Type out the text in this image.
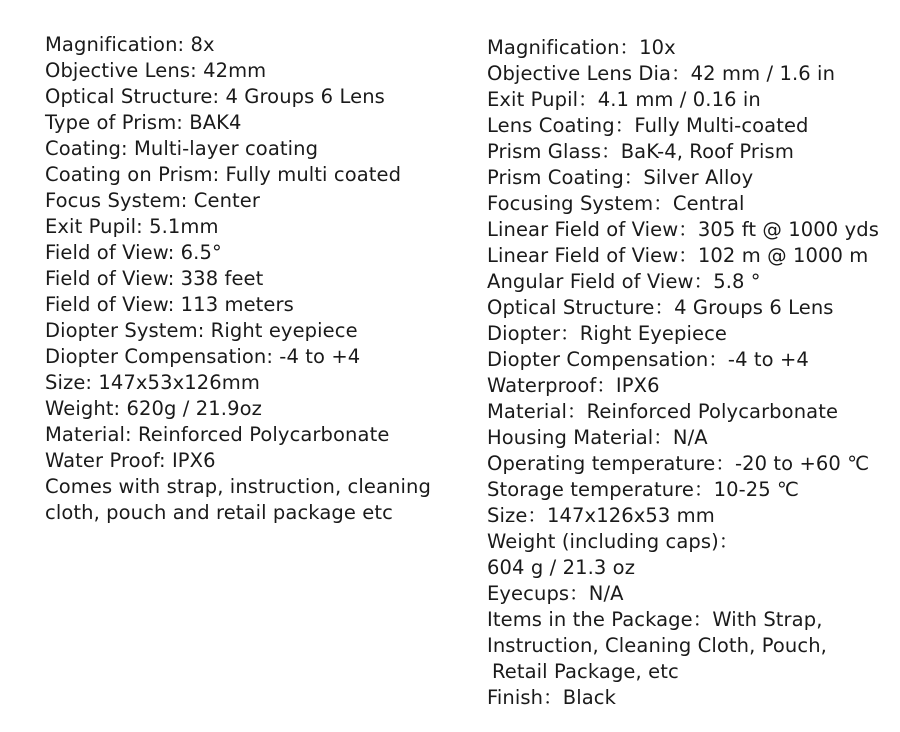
Magnification: 8x
Objective Lens: 42mm
Optical Structure: 4 Groups 6 Lens
Type of Prism: BAK4
Coating: Multi-layer coating
Coating on Prism: Fully multi coated
Focus System: Center
Exit Pupil: 5.1mm
Field of View: 6.5°
Field of View: 338 feet
Field of View: 113 meters
Diopter System: Right eyepiece
Diopter Compensation: -4 to +4
Size: 147x53x126mm
Weight: 620g / 21.9oz
Material: Reinforced Polycarbonate
Water Proof: IPX6
Comes with strap, instruction, cleaning
cloth, pouch and retail package etc
Magnification：10x
Objective Lens Dia：42 mm / 1.6 in
Exit Pupil：4.1 mm / 0.16 in
Lens Coating：Fully Multi-coated
Prism Glass：BaK-4, Roof Prism
Prism Coating：Silver Alloy
Focusing System：Central
Linear Field of View：305 ft @ 1000 yds
Linear Field of View：102 m @ 1000 m
Angular Field of View：5.8 °
Optical Structure：4 Groups 6 Lens
Diopter：Right Eyepiece
Diopter Compensation：-4 to +4
Waterproof：IPX6
Material：Reinforced Polycarbonate
Housing Material：N/A
Operating temperature：-20 to +60 ℃
Storage temperature：10-25 ℃
Size：147x126x53 mm
Weight (including caps)：
604 g / 21.3 oz
Eyecups：N/A
Items in the Package：With Strap,
Instruction, Cleaning Cloth, Pouch,
Retail Package, etc
Finish：Black
